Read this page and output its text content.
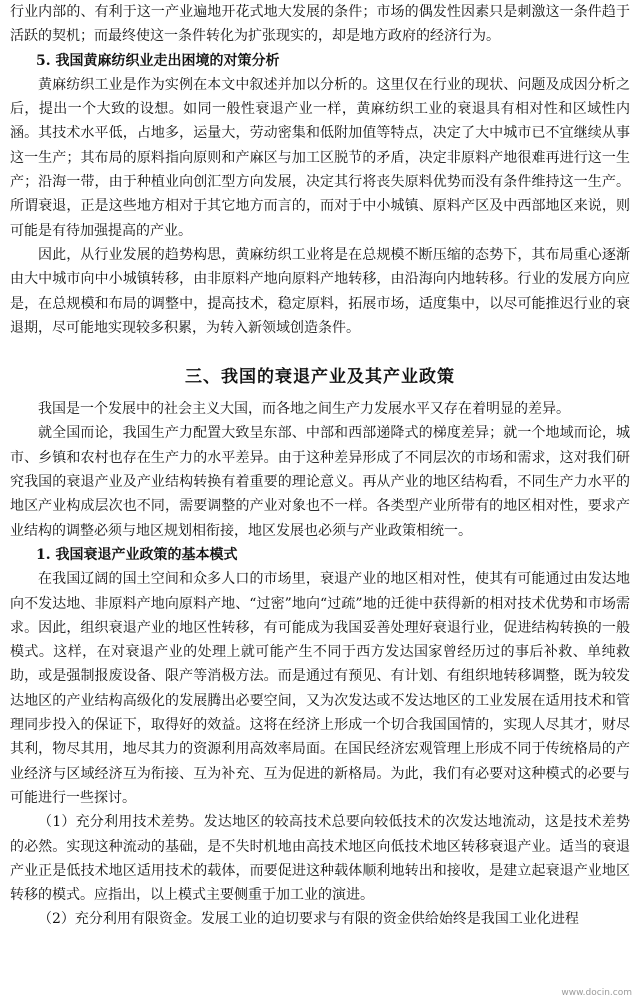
行业内部的、有利于这一产业遍地开花式地大发展的条件；市场的偶发性因素只是刺激这一条件趋于活跃的契机；而最终使这一条件转化为扩张现实的，却是地方政府的经济行为。

5. 我国黄麻纺织业走出困境的对策分析

黄麻纺织工业是作为实例在本文中叙述并加以分析的。这里仅在行业的现状、问题及成因分析之后，提出一个大致的设想。如同一般性衰退产业一样，黄麻纺织工业的衰退具有相对性和区域性内涵。其技术水平低，占地多，运量大，劳动密集和低附加值等特点，决定了大中城市已不宜继续从事这一生产；其布局的原料指向原则和产麻区与加工区脱节的矛盾，决定非原料产地很难再进行这一生产；沿海一带，由于种植业向创汇型方向发展，决定其行将丧失原料优势而没有条件维持这一生产。所谓衰退，正是这些地方相对于其它地方而言的，而对于中小城镇、原料产区及中西部地区来说，则可能是有待加强提高的产业。

因此，从行业发展的趋势构思，黄麻纺织工业将是在总规模不断压缩的态势下，其布局重心逐渐由大中城市向中小城镇转移，由非原料产地向原料产地转移，由沿海向内地转移。行业的发展方向应是，在总规模和布局的调整中，提高技术，稳定原料，拓展市场，适度集中，以尽可能推迟行业的衰退期，尽可能地实现较多积累，为转入新领域创造条件。

三、我国的衰退产业及其产业政策

我国是一个发展中的社会主义大国，而各地之间生产力发展水平又存在着明显的差异。

就全国而论，我国生产力配置大致呈东部、中部和西部递降式的梯度差异；就一个地域而论，城市、乡镇和农村也存在生产力的水平差异。由于这种差异形成了不同层次的市场和需求，这对我们研究我国的衰退产业及产业结构转换有着重要的理论意义。再从产业的地区结构看，不同生产力水平的地区产业构成层次也不同，需要调整的产业对象也不一样。各类型产业所带有的地区相对性，要求产业结构的调整必须与地区规划相衔接，地区发展也必须与产业政策相统一。

1. 我国衰退产业政策的基本模式

在我国辽阔的国土空间和众多人口的市场里，衰退产业的地区相对性，使其有可能通过由发达地向不发达地、非原料产地向原料产地、“过密”地向“过疏”地的迁徙中获得新的相对技术优势和市场需求。因此，组织衰退产业的地区性转移，有可能成为我国妥善处理好衰退行业，促进结构转换的一般模式。这样，在对衰退产业的处理上就可能产生不同于西方发达国家曾经历过的事后补救、单纯救助，或是强制报废设备、限产等消极方法。而是通过有预见、有计划、有组织地转移调整，既为较发达地区的产业结构高级化的发展腾出必要空间，又为次发达或不发达地区的工业发展在适用技术和管理同步投入的保证下，取得好的效益。这将在经济上形成一个切合我国国情的，实现人尽其才，财尽其利，物尽其用，地尽其力的资源利用高效率局面。在国民经济宏观管理上形成不同于传统格局的产业经济与区域经济互为衔接、互为补充、互为促进的新格局。为此，我们有必要对这种模式的必要与可能进行一些探讨。

（1）充分利用技术差势。发达地区的较高技术总要向较低技术的次发达地流动，这是技术差势的必然。实现这种流动的基础，是不失时机地由高技术地区向低技术地区转移衰退产业。适当的衰退产业正是低技术地区适用技术的载体，而要促进这种载体顺利地转出和接收，是建立起衰退产业地区转移的模式。应指出，以上模式主要侧重于加工业的演进。

（2）充分利用有限资金。发展工业的迫切要求与有限的资金供给始终是我国工业化进程

www.docin.com
